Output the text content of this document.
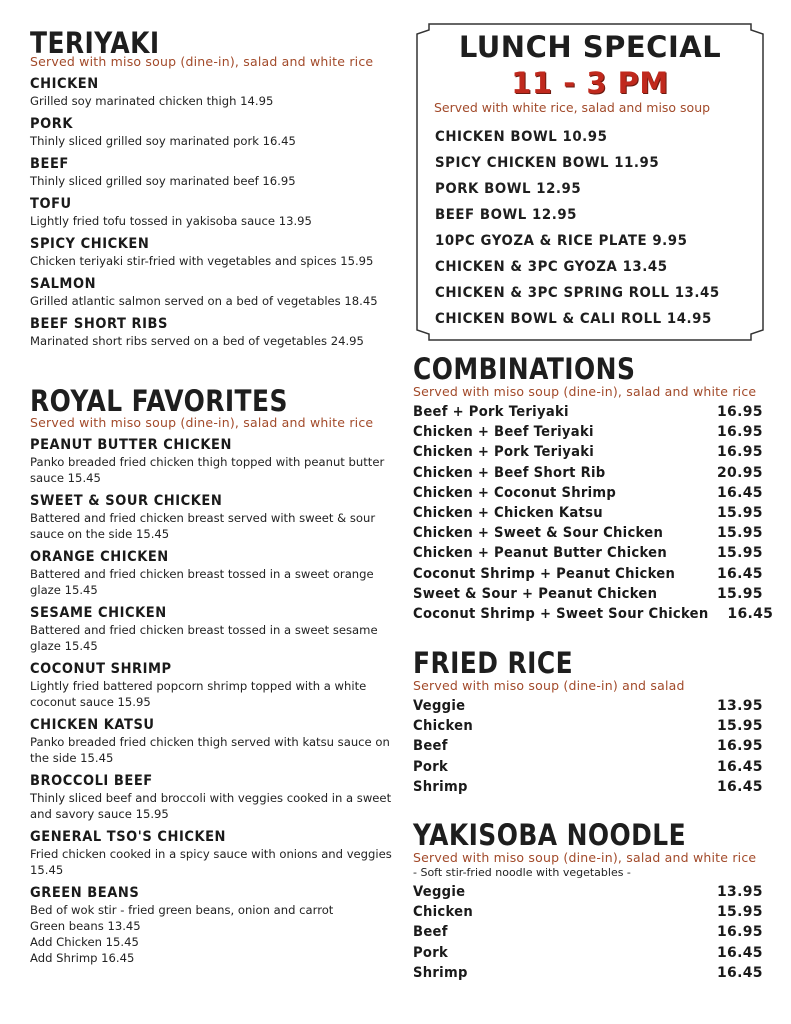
TERIYAKI
Served with miso soup (dine-in), salad and white rice
CHICKEN
Grilled soy marinated chicken thigh 14.95
PORK
Thinly sliced grilled soy marinated pork 16.45
BEEF
Thinly sliced grilled soy marinated beef 16.95
TOFU
Lightly fried tofu tossed in yakisoba sauce 13.95
SPICY CHICKEN
Chicken teriyaki stir-fried with vegetables and spices 15.95
SALMON
Grilled atlantic salmon served on a bed of vegetables 18.45
BEEF SHORT RIBS
Marinated short ribs served on a bed of vegetables 24.95
ROYAL FAVORITES
Served with miso soup (dine-in), salad and white rice
PEANUT BUTTER CHICKEN
Panko breaded fried chicken thigh topped with peanut butter sauce 15.45
SWEET & SOUR CHICKEN
Battered and fried chicken breast served with sweet & sour sauce on the side 15.45
ORANGE CHICKEN
Battered and fried chicken breast tossed in a sweet orange glaze 15.45
SESAME CHICKEN
Battered and fried chicken breast tossed in a sweet sesame glaze 15.45
COCONUT SHRIMP
Lightly fried battered popcorn shrimp topped with a white coconut sauce 15.95
CHICKEN KATSU
Panko breaded fried chicken thigh served with katsu sauce on the side 15.45
BROCCOLI BEEF
Thinly sliced beef and broccoli with veggies cooked in a sweet and savory sauce 15.95
GENERAL TSO'S CHICKEN
Fried chicken cooked in a spicy sauce with onions and veggies 15.45
GREEN BEANS
Bed of wok stir - fried green beans, onion and carrot
Green beans 13.45
Add Chicken 15.45
Add Shrimp 16.45
LUNCH SPECIAL
11 - 3 PM
Served with white rice, salad and miso soup
CHICKEN BOWL 10.95
SPICY CHICKEN BOWL 11.95
PORK BOWL 12.95
BEEF BOWL 12.95
10PC GYOZA & RICE PLATE 9.95
CHICKEN & 3PC GYOZA 13.45
CHICKEN & 3PC SPRING ROLL 13.45
CHICKEN BOWL & CALI ROLL 14.95
COMBINATIONS
Served with miso soup (dine-in), salad and white rice
Beef + Pork Teriyaki	16.95
Chicken + Beef Teriyaki	16.95
Chicken + Pork Teriyaki	16.95
Chicken + Beef Short Rib	20.95
Chicken + Coconut Shrimp	16.45
Chicken + Chicken Katsu	15.95
Chicken + Sweet & Sour Chicken	15.95
Chicken + Peanut Butter Chicken	15.95
Coconut Shrimp + Peanut Chicken	16.45
Sweet & Sour + Peanut Chicken	15.95
Coconut Shrimp + Sweet Sour Chicken 16.45
FRIED RICE
Served with miso soup (dine-in) and salad
Veggie	13.95
Chicken	15.95
Beef	16.95
Pork	16.45
Shrimp	16.45
YAKISOBA NOODLE
Served with miso soup (dine-in), salad and white rice
- Soft stir-fried noodle with vegetables -
Veggie	13.95
Chicken	15.95
Beef	16.95
Pork	16.45
Shrimp	16.45
